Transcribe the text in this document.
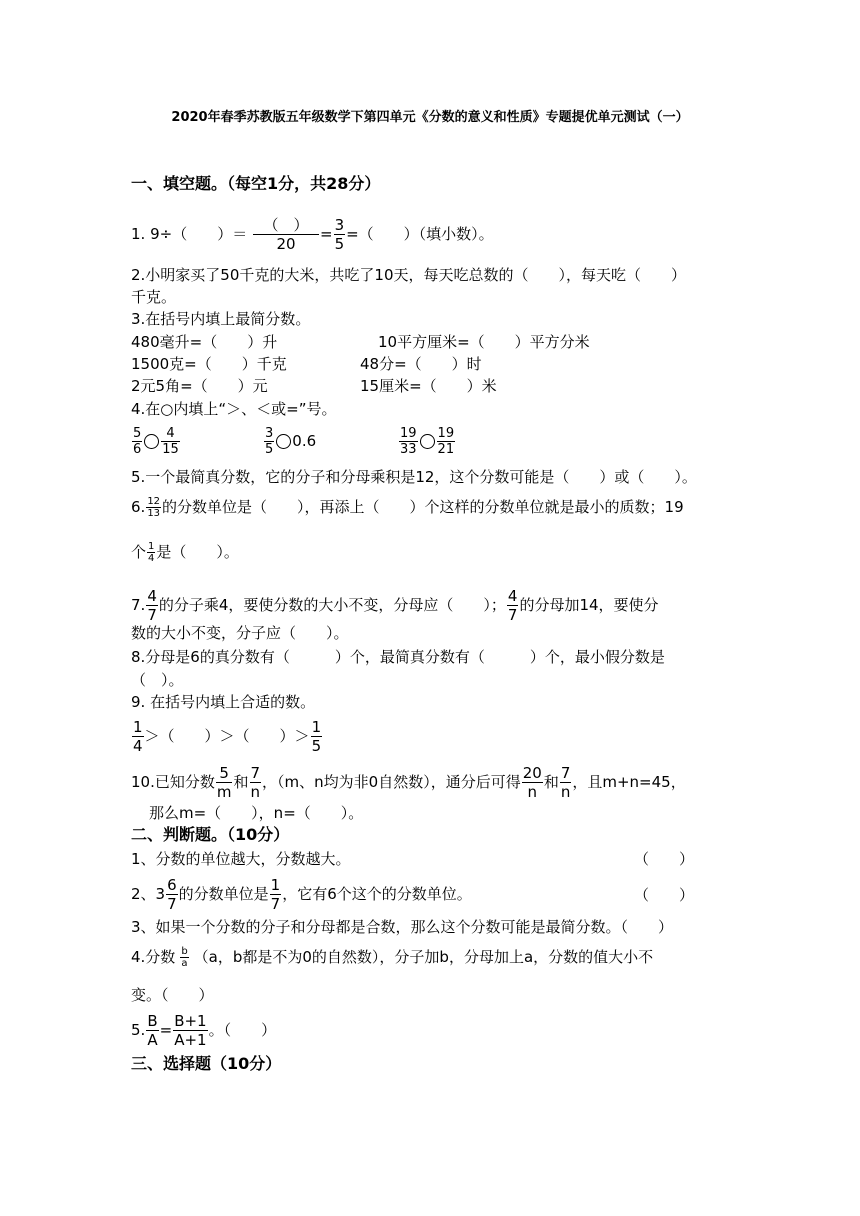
2020年春季苏教版五年级数学下第四单元《分数的意义和性质》专题提优单元测试（一）
一、填空题。（每空1分，共28分）
1. 9÷（　　）＝	（　）
20
= $\frac{3}{5}$ =（　　）（填小数）。
2.小明家买了50千克的大米，共吃了10天，每天吃总数的（　　），每天吃（　　）
千克。
3.在括号内填上最简分数。
480毫升=（　　）升	10平方厘米=（　　）平方分米
1500克=（　　）千克	48分=（　　）时
2元5角=（　　）元	15厘米=（　　）米
4.在○内填上“＞、＜或=”号。
$\frac{5}{6} \frac{4}{15}$	$\frac{3}{5} 0.6$	$\frac{19}{33} \frac{19}{21}$
5.一个最简真分数，它的分子和分母乘积是12，这个分数可能是（　　）或（　　）。
6. $\frac{12}{13}$ 的分数单位是（　　），再添上（　　）个这样的分数单位就是最小的质数；19
个 $\frac{1}{4}$ 是（　　）。
7. $\frac{4}{7}$ 的分子乘4，要使分数的大小不变，分母应（　　）； $\frac{4}{7}$ 的分母加14，要使分
数的大小不变，分子应（　　）。
8.分母是6的真分数有（　　　）个，最简真分数有（　　　）个，最小假分数是
（　）。
9. 在括号内填上合适的数。
$\frac{1}{4}$ ＞（　　）＞（　　）＞ $\frac{1}{5}$
10.已知分数 $\frac{5}{m}$ 和 $\frac{7}{n}$ ，（m、n均为非0自然数），通分后可得 $\frac{20}{n}$ 和 $\frac{7}{n}$ ，且m+n=45，
那么m=（　　），n=（　　）。
二、判断题。（10分）
1、分数的单位越大，分数越大。	（　　）
2、$3 \frac{6}{7}$ 的分数单位是 $\frac{1}{7}$ ，它有6个这个的分数单位。	（　　）
3、如果一个分数的分子和分母都是合数，那么这个分数可能是最简分数。（　　）
4.分数 $\frac{b}{a} (a$，b都是不为0的自然数），分子加b，分母加上a，分数的值大小不
变。（　　）
5. $\frac{B}{A} = \frac{B+1}{A+1}$ 。（　　）
三、选择题（10分）
